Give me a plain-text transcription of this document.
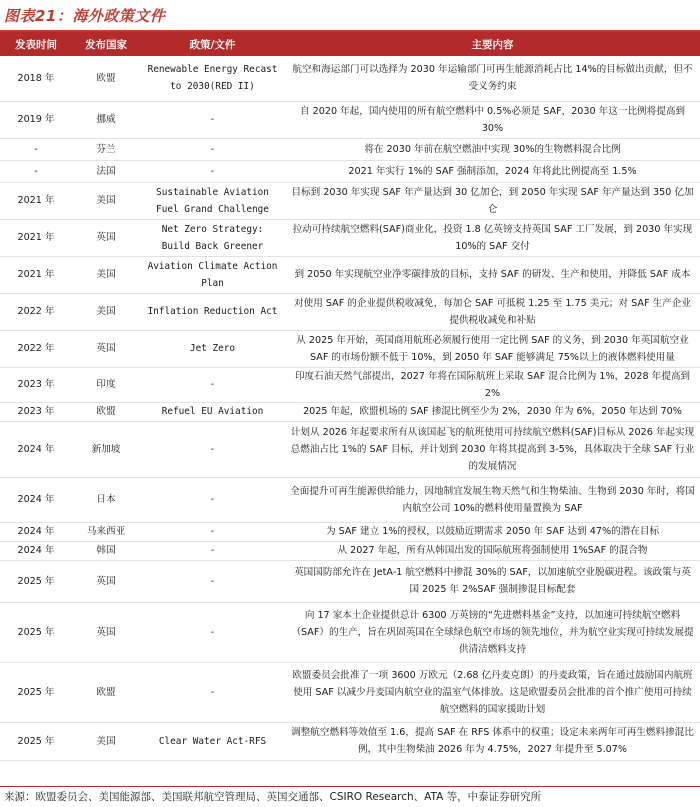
图表21：海外政策文件
发表时间	发布国家	政策/文件	主要内容
2018 年	欧盟	Renewable Energy Recast to 2030(RED II)	航空和海运部门可以选择为 2030 年运输部门可再生能源消耗占比 14%的目标做出贡献，但不受义务约束
2019 年	挪威	-	自 2020 年起，国内使用的所有航空燃料中 0.5%必须是 SAF，2030 年这一比例将提高到 30%
-	芬兰	-	将在 2030 年前在航空燃油中实现 30%的生物燃料混合比例
-	法国	-	2021 年实行 1%的 SAF 强制添加，2024 年将此比例提高至 1.5%
2021 年	美国	Sustainable Aviation Fuel Grand Challenge	目标到 2030 年实现 SAF 年产量达到 30 亿加仑，到 2050 年实现 SAF 年产量达到 350 亿加仑
2021 年	英国	Net Zero Strategy: Build Back Greener	拉动可持续航空燃料(SAF)商业化，投资 1.8 亿英镑支持英国 SAF 工厂发展，到 2030 年实现 10%的 SAF 交付
2021 年	美国	Aviation Climate Action Plan	到 2050 年实现航空业净零碳排放的目标，支持 SAF 的研发、生产和使用，并降低 SAF 成本
2022 年	美国	Inflation Reduction Act	对使用 SAF 的企业提供税收减免，每加仑 SAF 可抵税 1.25 至 1.75 美元；对 SAF 生产企业提供税收减免和补贴
2022 年	英国	Jet Zero	从 2025 年开始，英国商用航班必须履行使用一定比例 SAF 的义务，到 2030 年英国航空业 SAF 的市场份额不低于 10%，到 2050 年 SAF 能够满足 75%以上的液体燃料使用量
2023 年	印度	-	印度石油天然气部提出，2027 年将在国际航班上采取 SAF 混合比例为 1%，2028 年提高到 2%
2023 年	欧盟	Refuel EU Aviation	2025 年起，欧盟机场的 SAF 掺混比例至少为 2%，2030 年为 6%，2050 年达到 70%
2024 年	新加坡	-	计划从 2026 年起要求所有从该国起飞的航班使用可持续航空燃料(SAF)目标从 2026 年起实现总燃油占比 1%的 SAF 目标，并计划到 2030 年将其提高到 3-5%，具体取决于全球 SAF 行业的发展情况
2024 年	日本	-	全面提升可再生能源供给能力，因地制宜发展生物天然气和生物柴油、生物到 2030 年时，将国内航空公司 10%的燃料使用量置换为 SAF
2024 年	马来西亚	-	为 SAF 建立 1%的授权，以鼓励近期需求 2050 年 SAF 达到 47%的潜在目标
2024 年	韩国	-	从 2027 年起，所有从韩国出发的国际航班将强制使用 1%SAF 的混合物
2025 年	英国	-	英国国防部允许在 JetA-1 航空燃料中掺混 30%的 SAF，以加速航空业脱碳进程。该政策与英国 2025 年 2%SAF 强制掺混目标配套
2025 年	英国	-	向 17 家本土企业提供总计 6300 万英镑的“先进燃料基金”支持，以加速可持续航空燃料（SAF）的生产，旨在巩固英国在全球绿色航空市场的领先地位，并为航空业实现可持续发展提供清洁燃料支持
2025 年	欧盟	-	欧盟委员会批准了一项 3600 万欧元（2.68 亿丹麦克朗）的丹麦政策，旨在通过鼓励国内航班使用 SAF 以减少丹麦国内航空业的温室气体排放。这是欧盟委员会批准的首个推广使用可持续航空燃料的国家援助计划
2025 年	美国	Clear Water Act-RFS	调整航空燃料等效值至 1.6，提高 SAF 在 RFS 体系中的权重；设定未来两年可再生燃料掺混比例，其中生物柴油 2026 年为 4.75%，2027 年提升至 5.07%
来源：欧盟委员会、美国能源部、美国联邦航空管理局、英国交通部、CSIRO Research、ATA 等，中泰证券研究所
